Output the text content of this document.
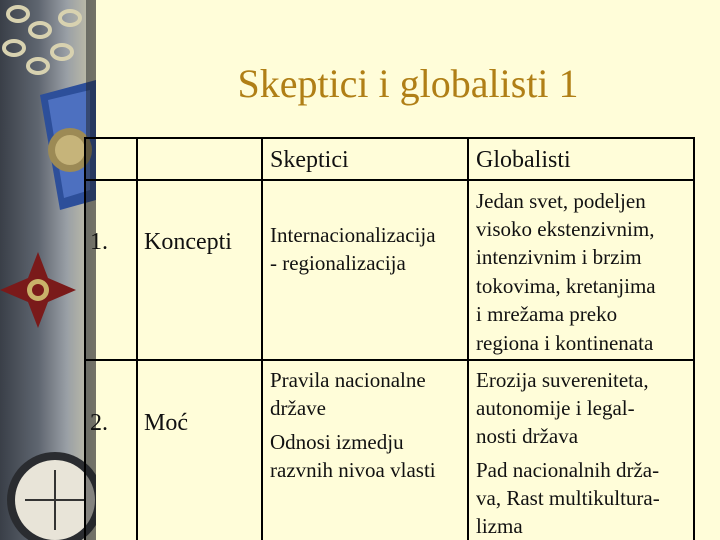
Skeptici i globalisti 1
Skeptici	Globalisti
1. Koncepti Internacionalizacija
- regionalizacija
Jedan svet, podeljen
visoko ekstenzivnim,
intenzivnim i brzim
tokovima, kretanjima
i mrežama preko
regiona i kontinenata
2. Moć
Pravila nacionalne
države
Odnosi izmedju
razvnih nivoa vlasti
Erozija suvereniteta,
autonomije i legal-
nosti država
Pad nacionalnih drža-
va, Rast multikultura-
lizma
